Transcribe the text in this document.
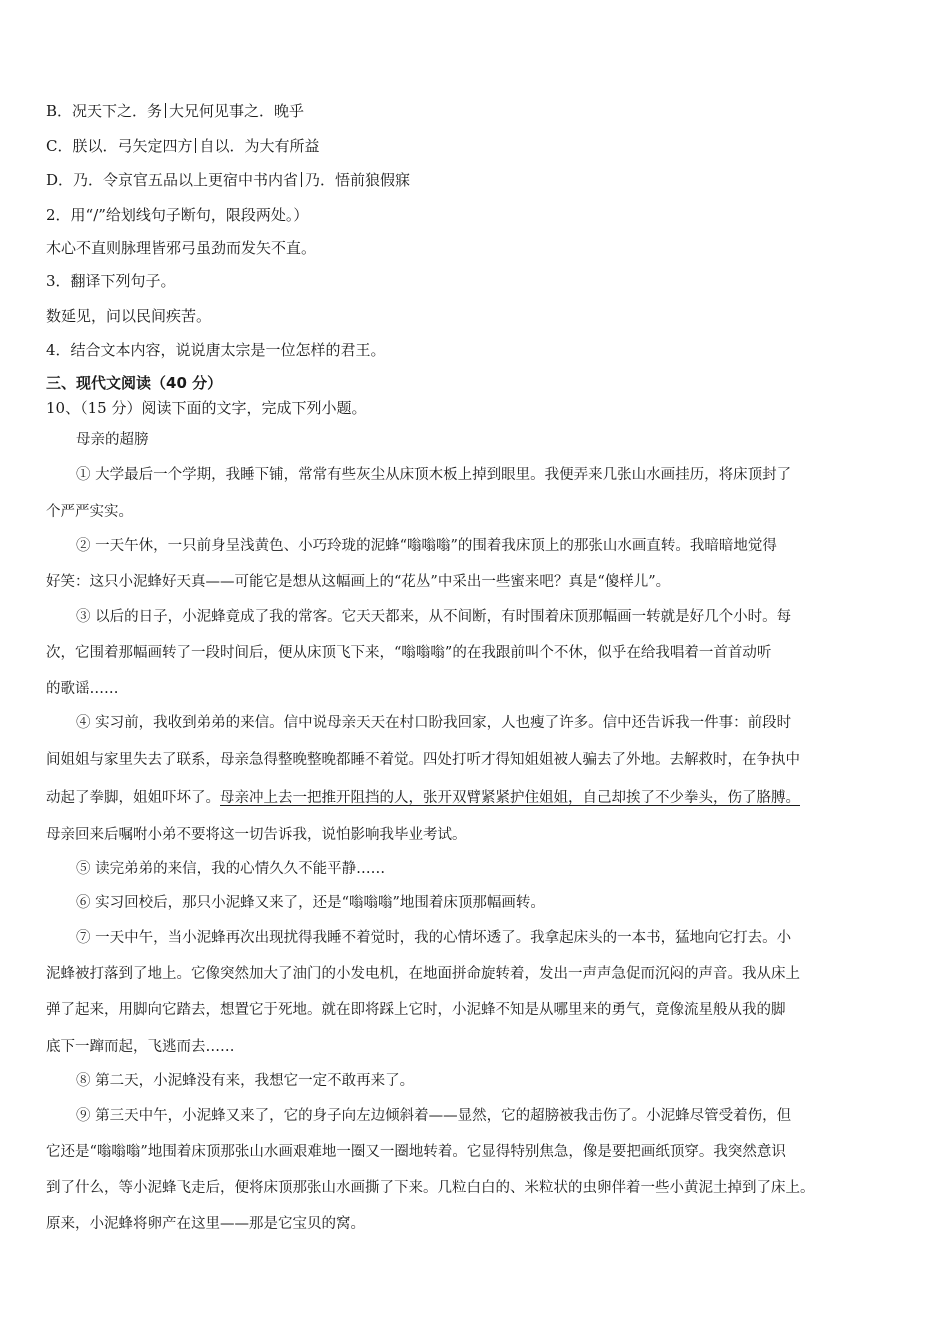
B．况天下之．务 大兄何见事之．晚乎
C．朕以．弓矢定四方 自以．为大有所益
D．乃．令京官五品以上更宿中书内省 乃．悟前狼假寐
2．用“/”给划线句子断句，限段两处。）
木心不直则脉理皆邪弓虽劲而发矢不直。
3．翻译下列句子。
数延见，问以民间疾苦。
4．结合文本内容，说说唐太宗是一位怎样的君王。
三、现代文阅读（40 分）
10、（15 分）阅读下面的文字，完成下列小题。
母亲的超膀
① 大学最后一个学期，我睡下铺，常常有些灰尘从床顶木板上掉到眼里。我便弄来几张山水画挂历，将床顶封了
个严严实实。
② 一天午休，一只前身呈浅黄色、小巧玲珑的泥蜂“嗡嗡嗡”的围着我床顶上的那张山水画直转。我暗暗地觉得
好笑：这只小泥蜂好天真——可能它是想从这幅画上的“花丛”中采出一些蜜来吧？真是“傻样儿”。
③ 以后的日子，小泥蜂竟成了我的常客。它天天都来，从不间断，有时围着床顶那幅画一转就是好几个小时。每
次，它围着那幅画转了一段时间后，便从床顶飞下来，“嗡嗡嗡”的在我跟前叫个不休，似乎在给我唱着一首首动听
的歌谣……
④ 实习前，我收到弟弟的来信。信中说母亲天天在村口盼我回家，人也瘦了许多。信中还告诉我一件事：前段时
间姐姐与家里失去了联系，母亲急得整晚整晚都睡不着觉。四处打听才得知姐姐被人骗去了外地。去解救时，在争执中
动起了拳脚，姐姐吓坏了。母亲冲上去一把推开阻挡的人，张开双臂紧紧护住姐姐，自己却挨了不少拳头，伤了胳膊。
母亲回来后嘱咐小弟不要将这一切告诉我，说怕影响我毕业考试。
⑤ 读完弟弟的来信，我的心情久久不能平静……
⑥ 实习回校后，那只小泥蜂又来了，还是“嗡嗡嗡”地围着床顶那幅画转。
⑦ 一天中午，当小泥蜂再次出现扰得我睡不着觉时，我的心情坏透了。我拿起床头的一本书，猛地向它打去。小
泥蜂被打落到了地上。它像突然加大了油门的小发电机，在地面拼命旋转着，发出一声声急促而沉闷的声音。我从床上
弹了起来，用脚向它踏去，想置它于死地。就在即将踩上它时，小泥蜂不知是从哪里来的勇气，竟像流星般从我的脚
底下一蹿而起，飞逃而去……
⑧ 第二天，小泥蜂没有来，我想它一定不敢再来了。
⑨ 第三天中午，小泥蜂又来了，它的身子向左边倾斜着——显然，它的超膀被我击伤了。小泥蜂尽管受着伤，但
它还是“嗡嗡嗡”地围着床顶那张山水画艰难地一圈又一圈地转着。它显得特别焦急，像是要把画纸顶穿。我突然意识
到了什么，等小泥蜂飞走后，便将床顶那张山水画撕了下来。几粒白白的、米粒状的虫卵伴着一些小黄泥土掉到了床上。
原来，小泥蜂将卵产在这里——那是它宝贝的窝。
